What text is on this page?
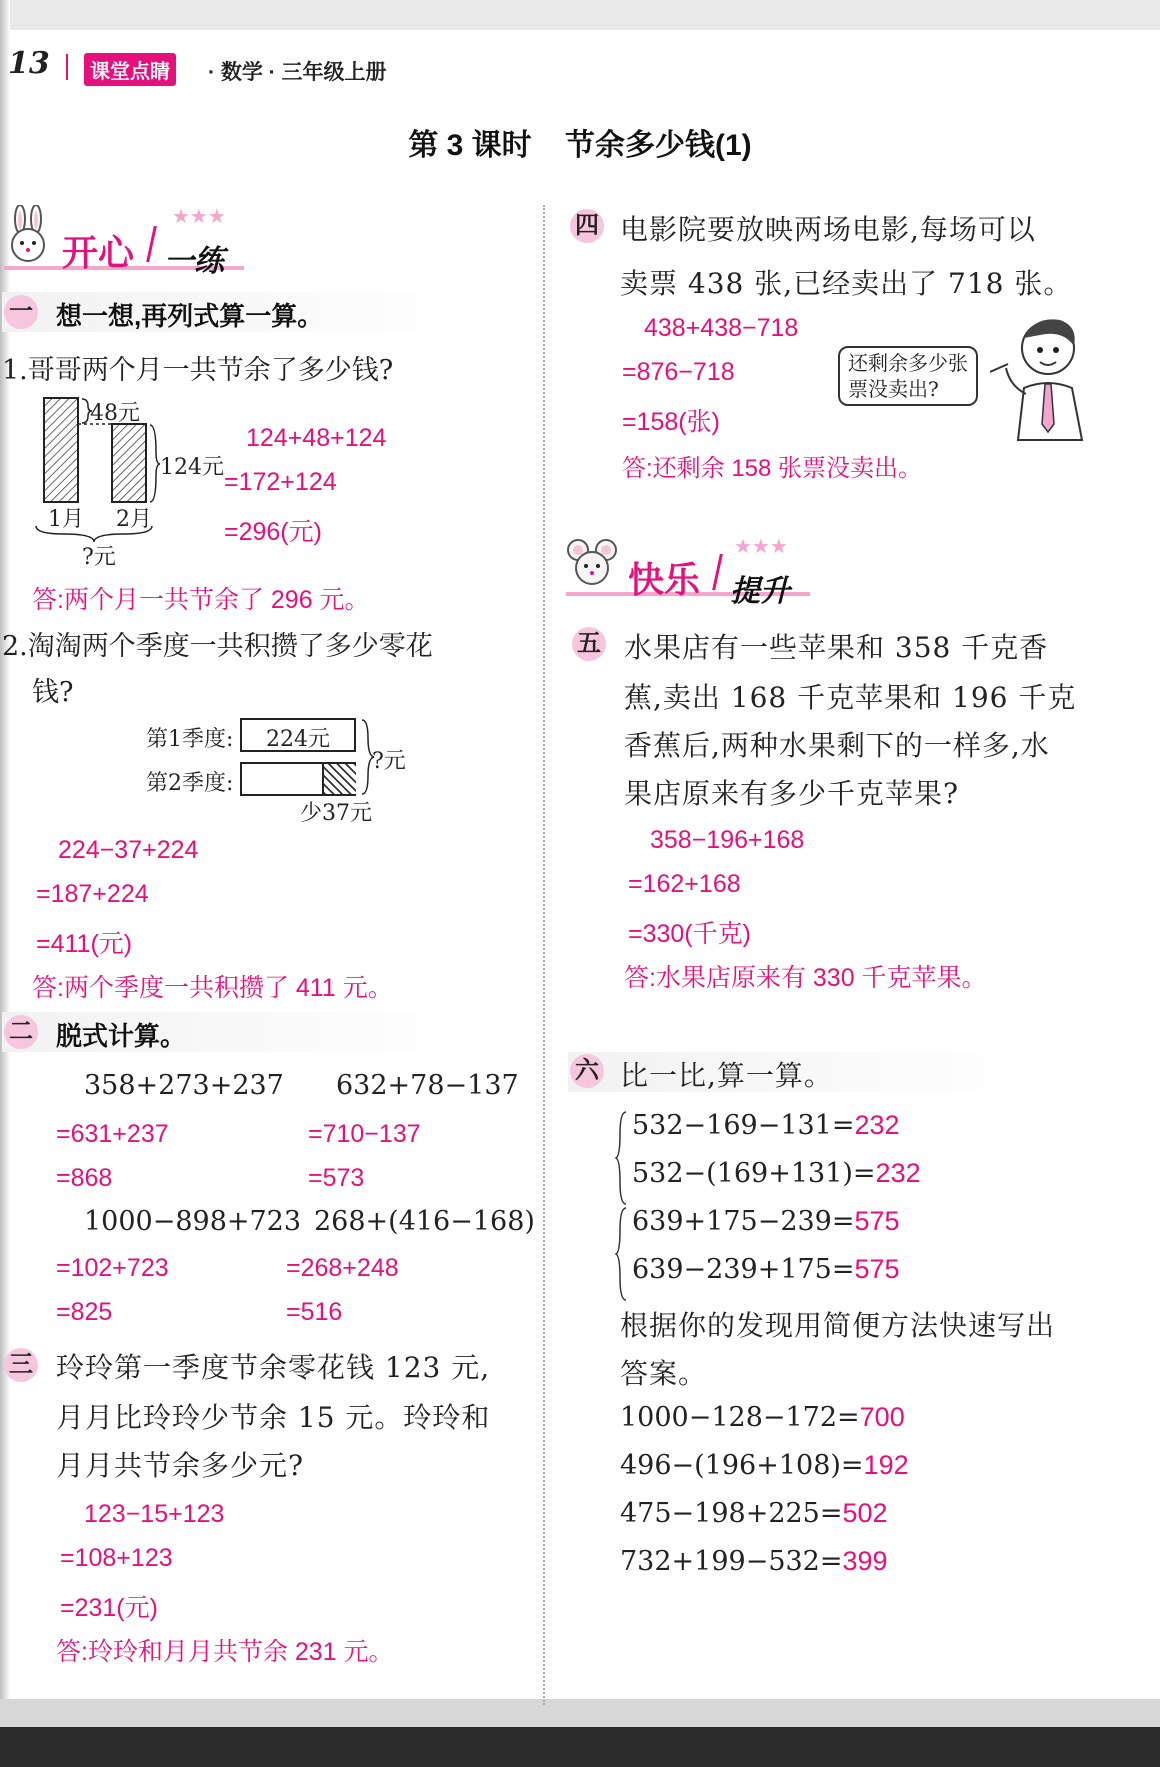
13	课堂点睛 · 数学 · 三年级上册
第 3 课时    节余多少钱(1)
开心 一练
★★★
一 想一想,再列式算一算。
1.哥哥两个月一共节余了多少钱?
48元
124元
1月 2月
?元
124+48+124
=172+124
=296(元)
答:两个月一共节余了 296 元。
2.淘淘两个季度一共积攒了多少零花
钱?
第1季度:	224元
第2季度:
?元
少37元
224−37+224
=187+224
=411(元)
答:两个季度一共积攒了 411 元。
二 脱式计算。
358+273+237
=631+237
=868
632+78−137
=710−137
=573
1000−898+723
=102+723
=825
268+(416−168)
=268+248
=516
三 玲玲第一季度节余零花钱 123 元,
月月比玲玲少节余 15 元。玲玲和
月月共节余多少元?
123−15+123
=108+123
=231(元)
答:玲玲和月月共节余 231 元。
四 电影院要放映两场电影,每场可以
卖票 438 张,已经卖出了 718 张。
438+438−718
=876−718
=158(张)
答:还剩余 158 张票没卖出。
还剩余多少张
票没卖出?
快乐 提升
★★★
五 水果店有一些苹果和 358 千克香
蕉,卖出 168 千克苹果和 196 千克
香蕉后,两种水果剩下的一样多,水
果店原来有多少千克苹果?
358−196+168
=162+168
=330(千克)
答:水果店原来有 330 千克苹果。
六 比一比,算一算。
532−169−131=232
532−(169+131)=232
639+175−239=575
639−239+175=575
根据你的发现用简便方法快速写出
答案。
1000−128−172=700
496−(196+108)=192
475−198+225=502
732+199−532=399
